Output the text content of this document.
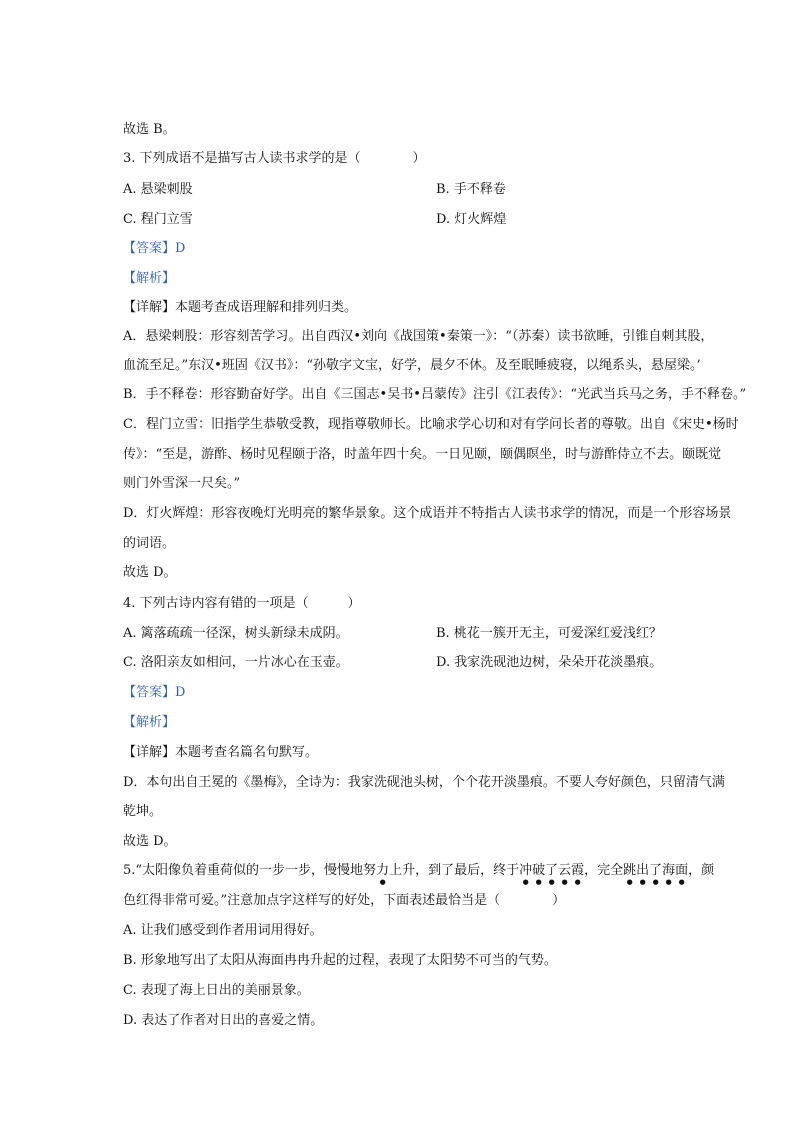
故选 B。
3. 下列成语不是描写古人读书求学的是（　　　　）
A. 悬梁刺股	B. 手不释卷
C. 程门立雪	D. 灯火辉煌
【答案】D
【解析】
【详解】本题考查成语理解和排列归类。
A．悬梁刺股：形容刻苦学习。出自西汉•刘向《战国策•秦策一》：“（苏秦）读书欲睡，引锥自刺其股，
血流至足。”东汉•班固《汉书》：“孙敬字文宝，好学，晨夕不休。及至眠睡疲寝，以绳系头，悬屋梁。’
B．手不释卷：形容勤奋好学。出自《三国志•吴书•吕蒙传》注引《江表传》：“光武当兵马之务，手不释卷。”
C．程门立雪：旧指学生恭敬受教，现指尊敬师长。比喻求学心切和对有学问长者的尊敬。出自《宋史•杨时
传》：“至是，游酢、杨时见程颐于洛，时盖年四十矣。一日见颐，颐偶瞑坐，时与游酢侍立不去。颐既觉
则门外雪深一尺矣。”
D．灯火辉煌：形容夜晚灯光明亮的繁华景象。这个成语并不特指古人读书求学的情况，而是一个形容场景
的词语。
故选 D。
4. 下列古诗内容有错的一项是（　　　）
A. 篱落疏疏一径深，树头新绿未成阴。	B. 桃花一簇开无主，可爱深红爱浅红？
C. 洛阳亲友如相问，一片冰心在玉壶。	D. 我家洗砚池边树，朵朵开花淡墨痕。
【答案】D
【解析】
【详解】本题考查名篇名句默写。
D．本句出自王冕的《墨梅》，全诗为：我家洗砚池头树，个个花开淡墨痕。不要人夸好颜色，只留清气满
乾坤。
故选 D。
5.“太阳像负着重荷似的一步一步，慢慢地努力上升，到了最后，终于冲破了云霞，完全跳出了海面，颜
色红得非常可爱。”注意加点字这样写的好处，下面表述最恰当是（　　　　）
A. 让我们感受到作者用词用得好。
B. 形象地写出了太阳从海面冉冉升起的过程，表现了太阳势不可当的气势。
C. 表现了海上日出的美丽景象。
D. 表达了作者对日出的喜爱之情。
